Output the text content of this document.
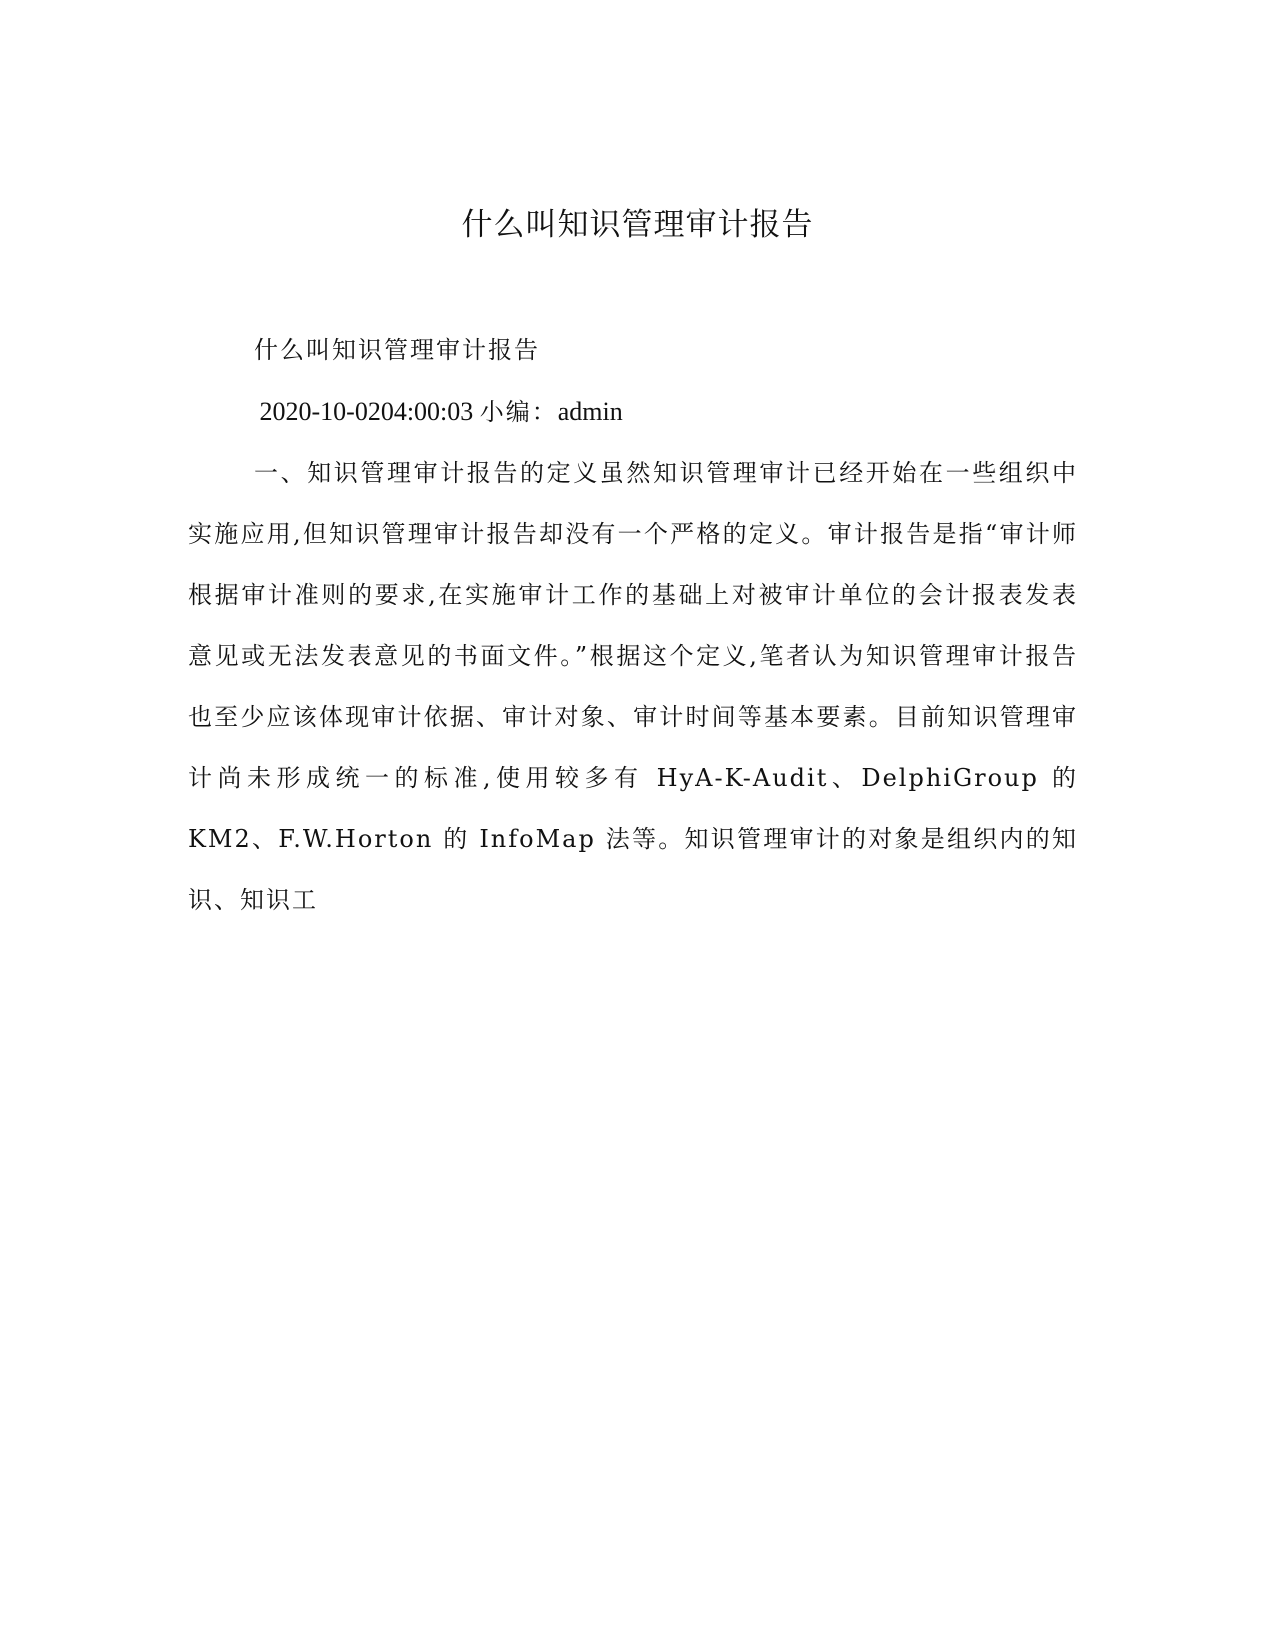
什么叫知识管理审计报告

什么叫知识管理审计报告

2020-10-0204:00:03 小编：admin

一、知识管理审计报告的定义虽然知识管理审计已经开始在一些组织中实施应用,但知识管理审计报告却没有一个严格的定义。审计报告是指“审计师根据审计准则的要求,在实施审计工作的基础上对被审计单位的会计报表发表意见或无法发表意见的书面文件。”根据这个定义,笔者认为知识管理审计报告也至少应该体现审计依据、审计对象、审计时间等基本要素。目前知识管理审计尚未形成统一的标准,使用较多有 HyA-K-Audit、DelphiGroup 的 KM2、F.W.Horton 的 InfoMap 法等。知识管理审计的对象是组织内的知识、知识工
